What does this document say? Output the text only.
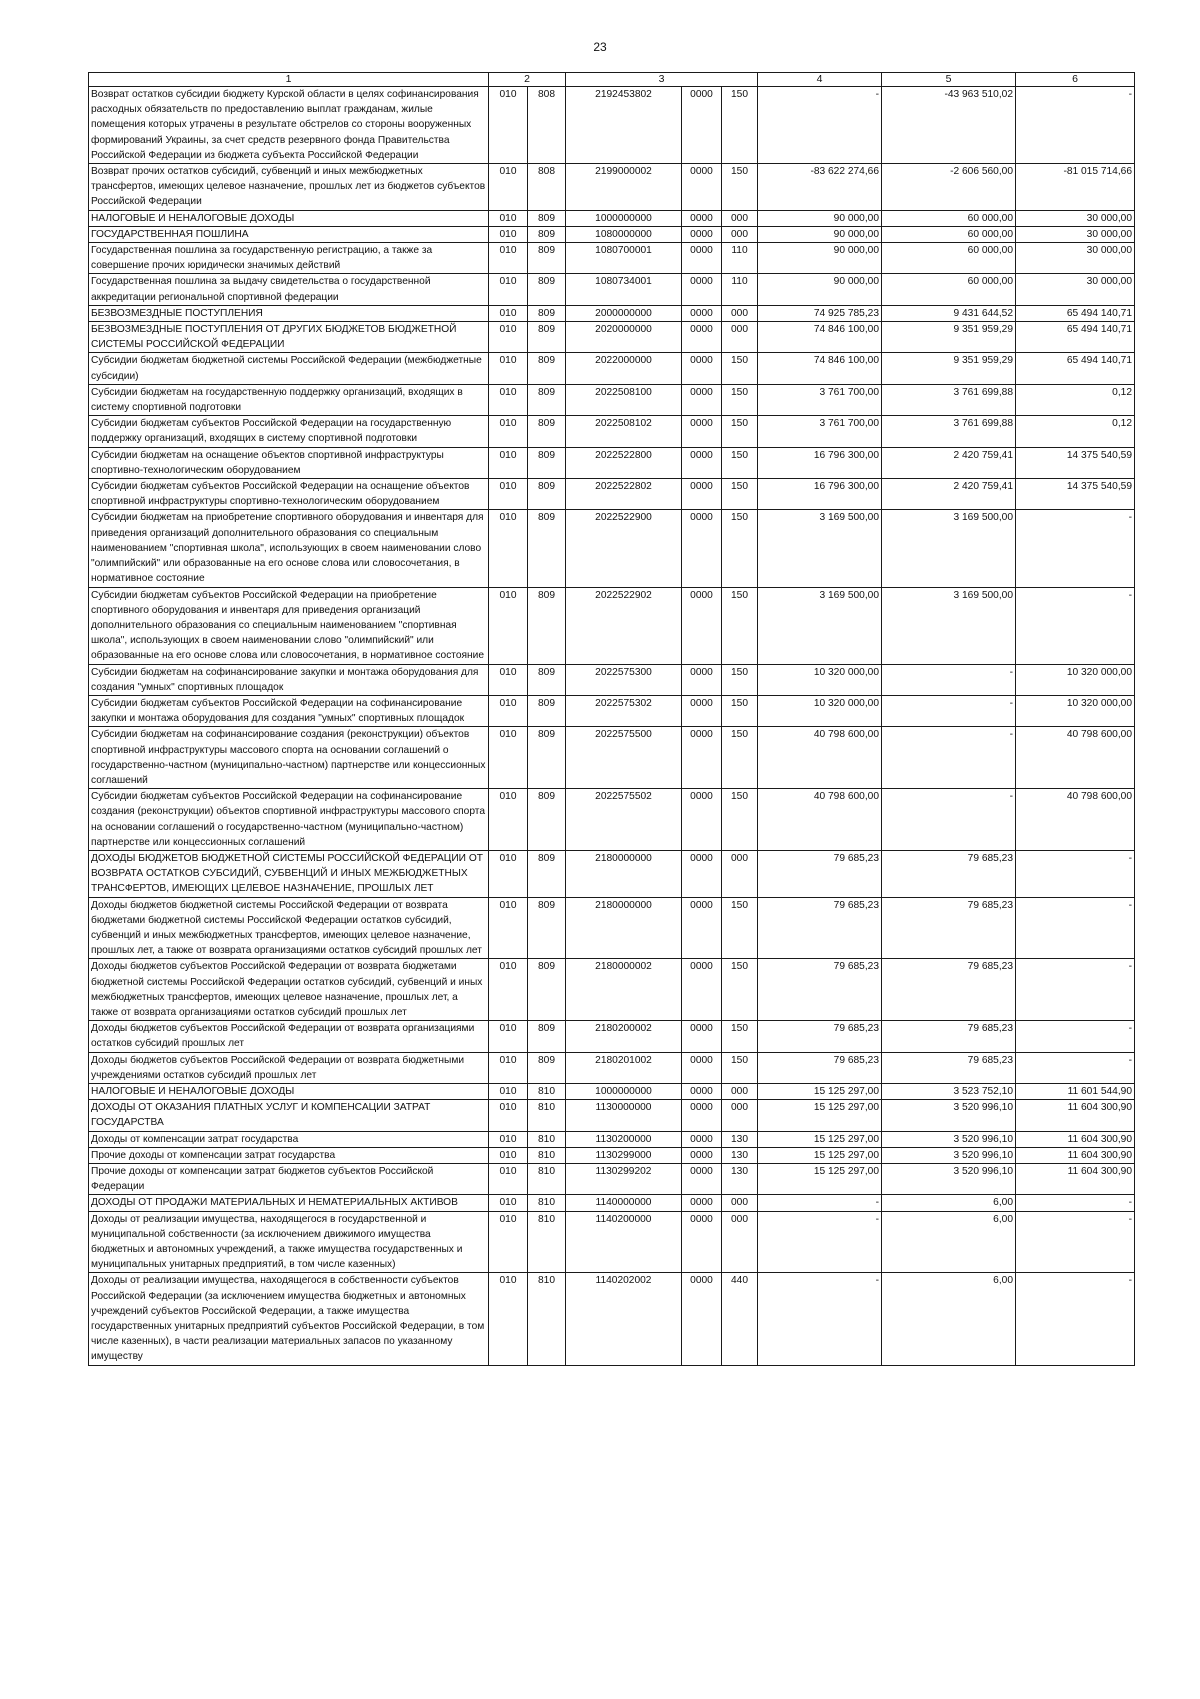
23
1	2		3			4	5	6
Возврат остатков субсидии бюджету Курской области в целях софинансирования расходных обязательств по предоставлению выплат гражданам, жилые помещения которых утрачены в результате обстрелов со стороны вооруженных формирований Украины, за счет средств резервного фонда Правительства Российской Федерации из бюджета субъекта Российской Федерации	010	808	2192453802	0000	150	-	-43 963 510,02	-
Возврат прочих остатков субсидий, субвенций и иных межбюджетных трансфертов, имеющих целевое назначение, прошлых лет из бюджетов субъектов Российской Федерации	010	808	2199000002	0000	150	-83 622 274,66	-2 606 560,00	-81 015 714,66
НАЛОГОВЫЕ И НЕНАЛОГОВЫЕ ДОХОДЫ	010	809	1000000000	0000	000	90 000,00	60 000,00	30 000,00
ГОСУДАРСТВЕННАЯ ПОШЛИНА	010	809	1080000000	0000	000	90 000,00	60 000,00	30 000,00
Государственная пошлина за государственную регистрацию, а также за совершение прочих юридически значимых действий	010	809	1080700001	0000	110	90 000,00	60 000,00	30 000,00
Государственная пошлина за выдачу свидетельства о государственной аккредитации региональной спортивной федерации	010	809	1080734001	0000	110	90 000,00	60 000,00	30 000,00
БЕЗВОЗМЕЗДНЫЕ ПОСТУПЛЕНИЯ	010	809	2000000000	0000	000	74 925 785,23	9 431 644,52	65 494 140,71
БЕЗВОЗМЕЗДНЫЕ ПОСТУПЛЕНИЯ ОТ ДРУГИХ БЮДЖЕТОВ БЮДЖЕТНОЙ СИСТЕМЫ РОССИЙСКОЙ ФЕДЕРАЦИИ	010	809	2020000000	0000	000	74 846 100,00	9 351 959,29	65 494 140,71
Субсидии бюджетам бюджетной системы Российской Федерации (межбюджетные субсидии)	010	809	2022000000	0000	150	74 846 100,00	9 351 959,29	65 494 140,71
Субсидии бюджетам на государственную поддержку организаций, входящих в систему спортивной подготовки	010	809	2022508100	0000	150	3 761 700,00	3 761 699,88	0,12
Субсидии бюджетам субъектов Российской Федерации на государственную поддержку организаций, входящих в систему спортивной подготовки	010	809	2022508102	0000	150	3 761 700,00	3 761 699,88	0,12
Субсидии бюджетам на оснащение объектов спортивной инфраструктуры спортивно-технологическим оборудованием	010	809	2022522800	0000	150	16 796 300,00	2 420 759,41	14 375 540,59
Субсидии бюджетам субъектов Российской Федерации на оснащение объектов спортивной инфраструктуры спортивно-технологическим оборудованием	010	809	2022522802	0000	150	16 796 300,00	2 420 759,41	14 375 540,59
Субсидии бюджетам на приобретение спортивного оборудования и инвентаря для приведения организаций дополнительного образования со специальным наименованием "спортивная школа", использующих в своем наименовании слово "олимпийский" или образованные на его основе слова или словосочетания, в нормативное состояние	010	809	2022522900	0000	150	3 169 500,00	3 169 500,00	-
Субсидии бюджетам субъектов Российской Федерации на приобретение спортивного оборудования и инвентаря для приведения организаций дополнительного образования со специальным наименованием "спортивная школа", использующих в своем наименовании слово "олимпийский" или образованные на его основе слова или словосочетания, в нормативное состояние	010	809	2022522902	0000	150	3 169 500,00	3 169 500,00	-
Субсидии бюджетам на софинансирование закупки и монтажа оборудования для создания "умных" спортивных площадок	010	809	2022575300	0000	150	10 320 000,00	-	10 320 000,00
Субсидии бюджетам субъектов Российской Федерации на софинансирование закупки и монтажа оборудования для создания "умных" спортивных площадок	010	809	2022575302	0000	150	10 320 000,00	-	10 320 000,00
Субсидии бюджетам на софинансирование создания (реконструкции) объектов спортивной инфраструктуры массового спорта на основании соглашений о государственно-частном (муниципально-частном) партнерстве или концессионных соглашений	010	809	2022575500	0000	150	40 798 600,00	-	40 798 600,00
Субсидии бюджетам субъектов Российской Федерации на софинансирование создания (реконструкции) объектов спортивной инфраструктуры массового спорта на основании соглашений о государственно-частном (муниципально-частном) партнерстве или концессионных соглашений	010	809	2022575502	0000	150	40 798 600,00	-	40 798 600,00
ДОХОДЫ БЮДЖЕТОВ БЮДЖЕТНОЙ СИСТЕМЫ РОССИЙСКОЙ ФЕДЕРАЦИИ ОТ ВОЗВРАТА ОСТАТКОВ СУБСИДИЙ, СУБВЕНЦИЙ И ИНЫХ МЕЖБЮДЖЕТНЫХ ТРАНСФЕРТОВ, ИМЕЮЩИХ ЦЕЛЕВОЕ НАЗНАЧЕНИЕ, ПРОШЛЫХ ЛЕТ	010	809	2180000000	0000	000	79 685,23	79 685,23	-
Доходы бюджетов бюджетной системы Российской Федерации от возврата бюджетами бюджетной системы Российской Федерации остатков субсидий, субвенций и иных межбюджетных трансфертов, имеющих целевое назначение, прошлых лет, а также от возврата организациями остатков субсидий прошлых лет	010	809	2180000000	0000	150	79 685,23	79 685,23	-
Доходы бюджетов субъектов Российской Федерации от возврата бюджетами бюджетной системы Российской Федерации остатков субсидий, субвенций и иных межбюджетных трансфертов, имеющих целевое назначение, прошлых лет, а также от возврата организациями остатков субсидий прошлых лет	010	809	2180000002	0000	150	79 685,23	79 685,23	-
Доходы бюджетов субъектов Российской Федерации от возврата организациями остатков субсидий прошлых лет	010	809	2180200002	0000	150	79 685,23	79 685,23	-
Доходы бюджетов субъектов Российской Федерации от возврата бюджетными учреждениями остатков субсидий прошлых лет	010	809	2180201002	0000	150	79 685,23	79 685,23	-
НАЛОГОВЫЕ И НЕНАЛОГОВЫЕ ДОХОДЫ	010	810	1000000000	0000	000	15 125 297,00	3 523 752,10	11 601 544,90
ДОХОДЫ ОТ ОКАЗАНИЯ ПЛАТНЫХ УСЛУГ И КОМПЕНСАЦИИ ЗАТРАТ ГОСУДАРСТВА	010	810	1130000000	0000	000	15 125 297,00	3 520 996,10	11 604 300,90
Доходы от компенсации затрат государства	010	810	1130200000	0000	130	15 125 297,00	3 520 996,10	11 604 300,90
Прочие доходы от компенсации затрат государства	010	810	1130299000	0000	130	15 125 297,00	3 520 996,10	11 604 300,90
Прочие доходы от компенсации затрат бюджетов субъектов Российской Федерации	010	810	1130299202	0000	130	15 125 297,00	3 520 996,10	11 604 300,90
ДОХОДЫ ОТ ПРОДАЖИ МАТЕРИАЛЬНЫХ И НЕМАТЕРИАЛЬНЫХ АКТИВОВ	010	810	1140000000	0000	000	-	6,00	-
Доходы от реализации имущества, находящегося в государственной и муниципальной собственности (за исключением движимого имущества бюджетных и автономных учреждений, а также имущества государственных и муниципальных унитарных предприятий, в том числе казенных)	010	810	1140200000	0000	000	-	6,00	-
Доходы от реализации имущества, находящегося в собственности субъектов Российской Федерации (за исключением имущества бюджетных и автономных учреждений субъектов Российской Федерации, а также имущества государственных унитарных предприятий субъектов Российской Федерации, в том числе казенных), в части реализации материальных запасов по указанному имуществу	010	810	1140202002	0000	440	-	6,00	-
